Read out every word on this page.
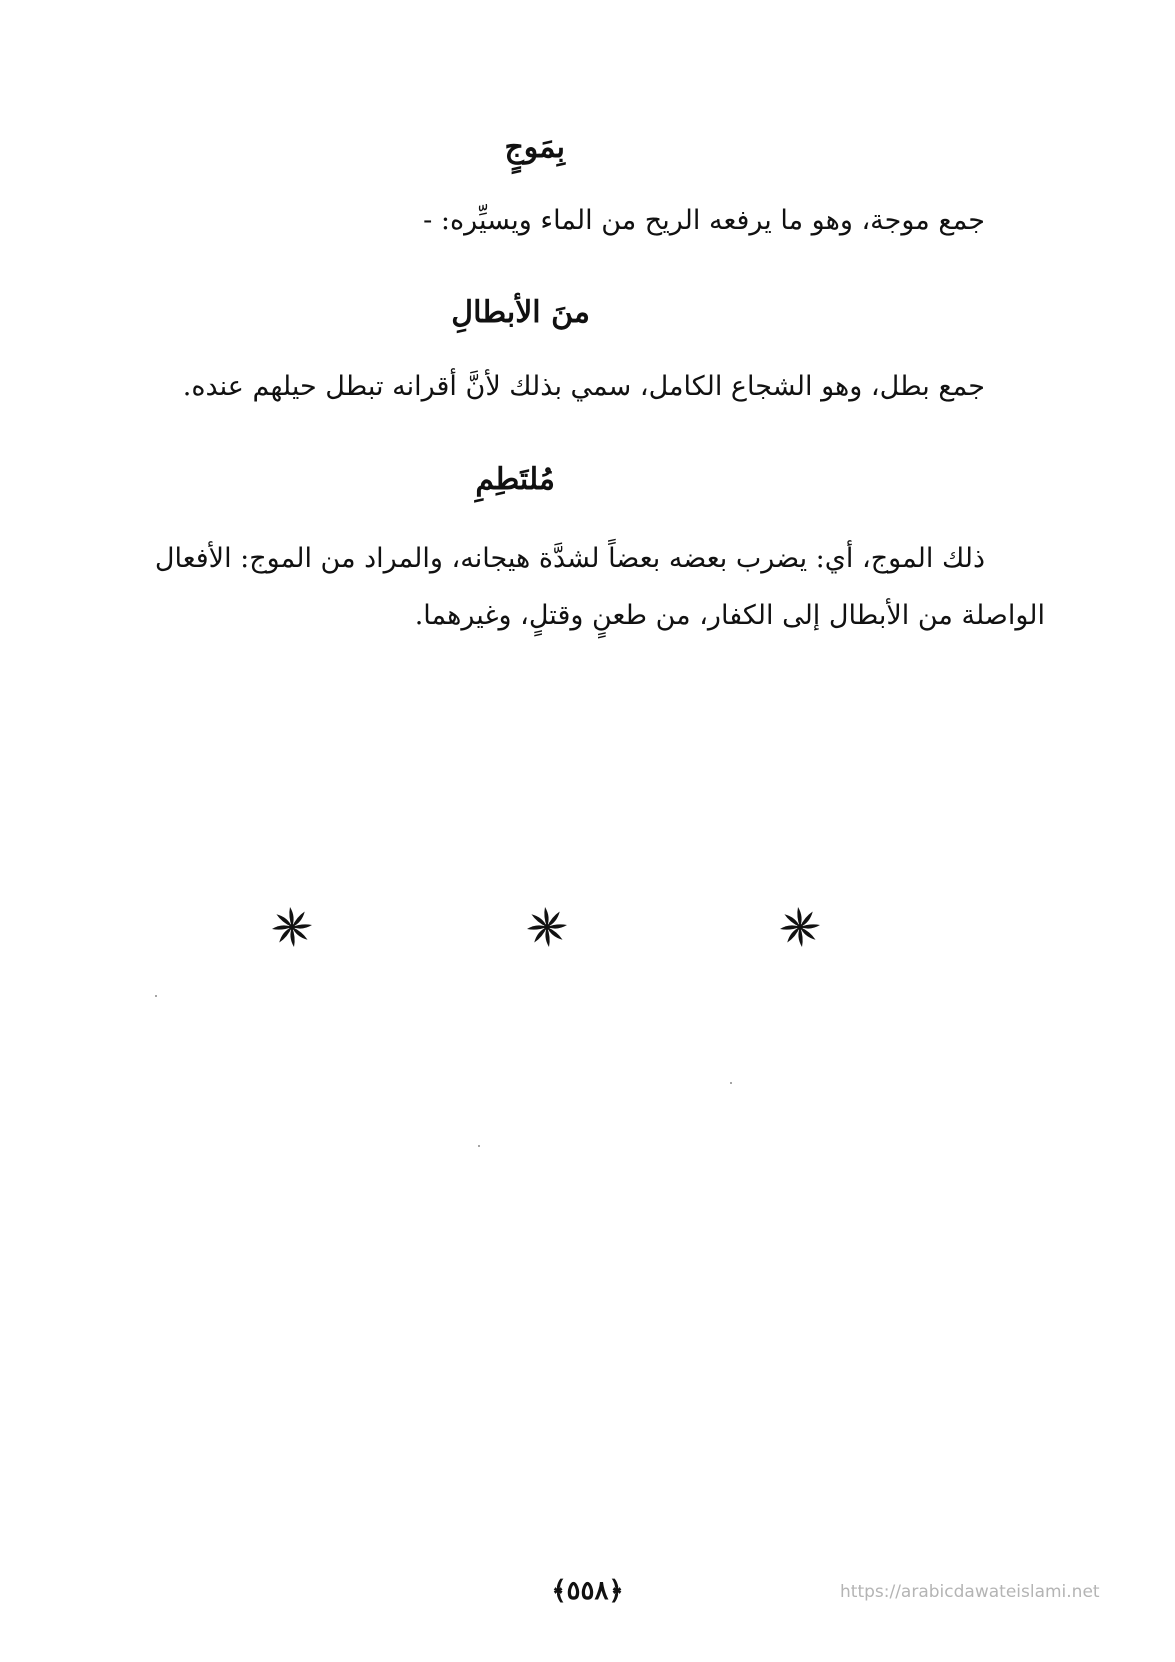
بِمَوجٍ
جمع موجة، وهو ما يرفعه الريح من الماء ويسيِّره: -
منَ الأبطالِ
جمع بطل، وهو الشجاع الكامل، سمي بذلك لأنَّ أقرانه تبطل حيلهم عنده.
مُلتَطِمِ
ذلك الموج، أي: يضرب بعضه بعضاً لشدَّة هيجانه، والمراد من الموج: الأفعال
الواصلة من الأبطال إلى الكفار، من طعنٍ وقتلٍ، وغيرهما.
﴿٥٥٨﴾	https://arabicdawateislami.net
